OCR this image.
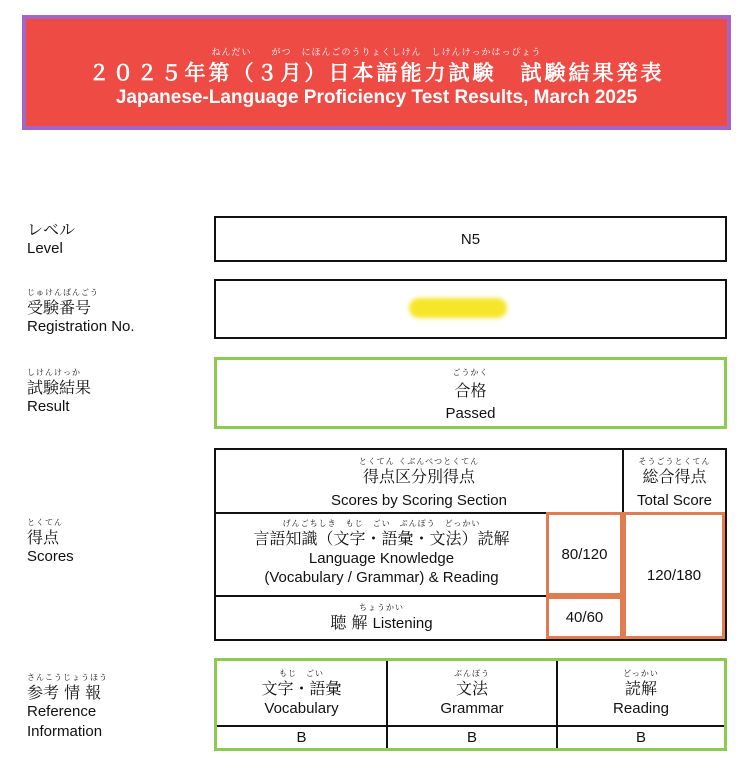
ねんだい　　がつ　にほんごのうりょくしけん　しけんけっかはっぴょう
２０２５年第（３月）日本語能力試験　試験結果発表
Japanese-Language Proficiency Test Results, March 2025
レベル
Level
N5
じゅけんばんごう
受験番号
Registration No.
しけんけっか
試験結果
Result
ごうかく
合格
Passed
とくてん
得点
Scores
とくてん くぶんべつとくてん
得点区分別得点
Scores by Scoring Section
そうごうとくてん
総合得点
Total Score
げんごちしき　もじ　ごい　ぶんぽう　どっかい
言語知識（文字・語彙・文法）読解
Language Knowledge
(Vocabulary / Grammar) & Reading
ちょうかい
聴 解 Listening
80/120
40/60
120/180
さんこうじょうほう
参考 情 報
Reference
Information
もじ　ごい
文字・語彙
Vocabulary
B
ぶんぽう
文法
Grammar
B
どっかい
読解
Reading
B
